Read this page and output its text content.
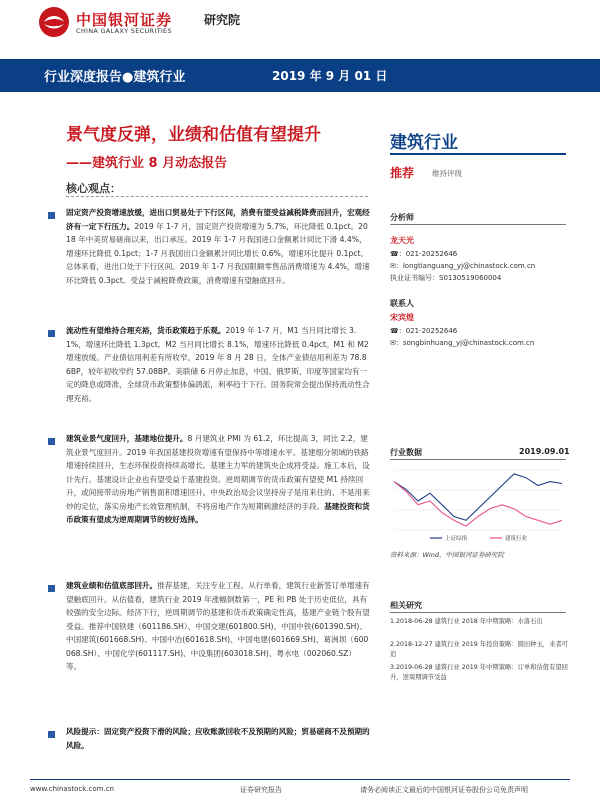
中国银河证券
CHINA GALAXY SECURITIES
研究院
行业深度报告●建筑行业	2019 年 9 月 01 日
景气度反弹，业绩和估值有望提升
——建筑行业 8 月动态报告
核心观点：
固定资产投资增速放缓，进出口贸易处于下行区间，消费有望受益减税降费而回升，宏观经济有一定下行压力。2019 年 1-7 月，国定资产投资增速为 5.7%，环比降低 0.1pct。2018 年中美贸易磋商以来，出口承压。2019 年 1-7 月我国进口金额累计同比下滑 4.4%，增速环比降低 0.1pct；1-7 月我国出口金额累计同比增长 0.6%，增速环比提升 0.1pct。总体来看，进出口处于下行区间。2019 年 1-7 月我国限额零售品消费增速为 4.4%，增速环比降低 0.3pct。受益于减税降费政策，消费增速有望触底回升。
流动性有望维持合理充裕，货币政策趋于乐观。2019 年 1-7 月，M1 当月同比增长 3.1%，增速环比降低 1.3pct。M2 当月同比增长 8.1%，增速环比降低 0.4pct。M1 和 M2 增速放缓。产业债信用利差有所收窄。2019 年 8 月 28 日，全体产业债信用利差为 78.86BP，较年初收窄约 57.08BP。美联储 6 月停止加息，中国、俄罗斯、印度等国家均有一定的降息或降准，全球货币政策整体偏鸽派，利率趋于下行。国务院常会提出保持流动性合理充裕。
建筑业景气度回升，基建地位提升。8 月建筑业 PMI 为 61.2，环比提高 3，同比 2.2，建筑业景气度回升。2019 年我国基建投资增速有望保持中等增速水平。基建细分领域的铁路增速持续回升，生态环保投资持续高增长。基建主力军的建筑央企成将受益。施工本后，设计先行。基建设计企业也有望受益于基建投资。逆周期调节的货币政策有望使 M1 持续回升，或间接带动房地产销售面积增速回升。中央政治局会议坚持房子是用来住的、不是用来炒的定位，落实房地产长效管理机制，不将房地产作为短期刺激经济的手段。基建投资和货币政策有望成为逆周期调节的较好选择。
建筑业绩和估值底部回升。推荐基建，关注专业工程。从行单看，建筑行业新签订单增速有望触底回升。从估值看，建筑行业 2019 年涨幅倒数第一，PE 和 PB 处于历史低位，具有较强的安全边际。经济下行，逆周期调节的基建和货币政策确定性高，基建产业链个股有望受益。推荐中国铁建（601186.SH）、中国交建(601800.SH)、中国中铁(601390.SH)、中国建筑(601668.SH)、中国中冶(601618.SH)、中国电建(601669.SH)、葛洲坝（600068.SH）、中国化学(601117.SH)、中设集团(603018.SH)、粤水电（002060.SZ）等。
风险提示：固定资产投资下滑的风险；应收账款回收不及预期的风险；贸易磋商不及预期的风险。
建筑行业
推荐 维持评级
分析师
龙天光
☎：021-20252646
✉：longtianguang_yj@chinastock.com.cn
执业证书编号：S0130519060004
联系人
宋宾煌
☎：021-20252646
✉：songbinhuang_yj@chinastock.com.cn
行业数据	2019.09.01
上证综指	建筑行业
资料来源：Wind，中国银河证券研究院
相关研究
1.2018-06-28 建筑行业 2018 年中期策略：水落石出
2.2018-12-27 建筑行业 2019 年投资策略：圆田种玉，来者可追
3.2019-06-28 建筑行业 2019 年中期策略：订单和估值有望回升，逆周期调节受益
www.chinastock.com.cn	证券研究报告	请务必阅读正文最后的中国银河证券股份公司免责声明
